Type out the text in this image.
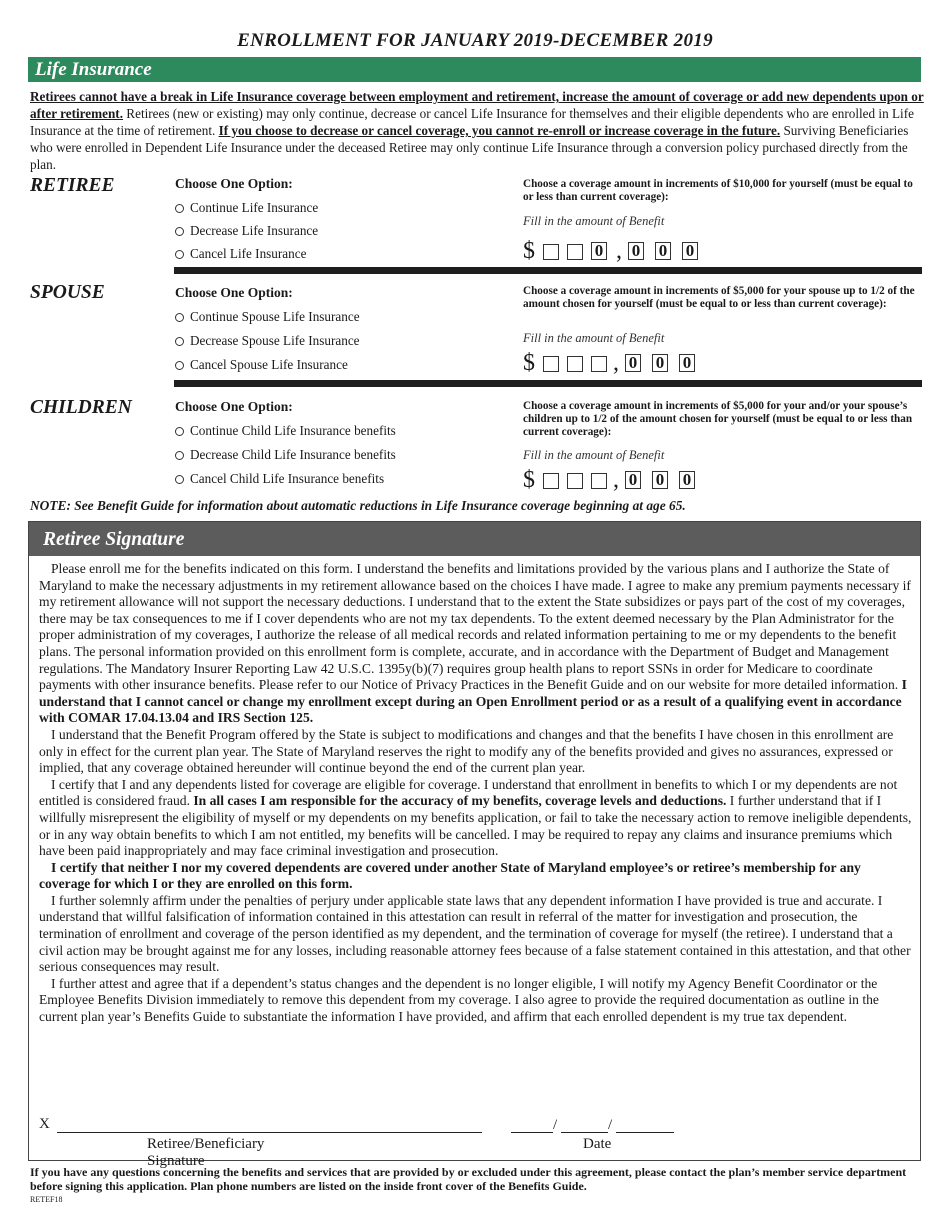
ENROLLMENT FOR JANUARY 2019-DECEMBER 2019
Life Insurance
Retirees cannot have a break in Life Insurance coverage between employment and retirement, increase the amount of coverage or add new dependents upon or after retirement. Retirees (new or existing) may only continue, decrease or cancel Life Insurance for themselves and their eligible dependents who are enrolled in Life Insurance at the time of retirement. If you choose to decrease or cancel coverage, you cannot re-enroll or increase coverage in the future. Surviving Beneficiaries who were enrolled in Dependent Life Insurance under the deceased Retiree may only continue Life Insurance through a conversion policy purchased directly from the plan.
RETIREE	Choose One Option:
Continue Life Insurance
Decrease Life Insurance
Cancel Life Insurance
Choose a coverage amount in increments of $10,000 for yourself (must be equal to or less than current coverage):
Fill in the amount of Benefit
$	0 , 0 0 0
SPOUSE	Choose One Option:
Continue Spouse Life Insurance
Decrease Spouse Life Insurance
Cancel Spouse Life Insurance
Choose a coverage amount in increments of $5,000 for your spouse up to 1/2 of the amount chosen for yourself (must be equal to or less than current coverage):
Fill in the amount of Benefit
$	, 0 0 0
CHILDREN	Choose One Option:
Continue Child Life Insurance benefits
Decrease Child Life Insurance benefits
Cancel Child Life Insurance benefits
Choose a coverage amount in increments of $5,000 for your and/or your spouse’s children up to 1/2 of the amount chosen for yourself (must be equal to or less than current coverage):
Fill in the amount of Benefit
$	, 0 0 0
NOTE: See Benefit Guide for information about automatic reductions in Life Insurance coverage beginning at age 65.
Retiree Signature

Please enroll me for the benefits indicated on this form. I understand the benefits and limitations provided by the various plans and I authorize the State of Maryland to make the necessary adjustments in my retirement allowance based on the choices I have made. I agree to make any premium payments necessary if my retirement allowance will not support the necessary deductions. I understand that to the extent the State subsidizes or pays part of the cost of my coverages, there may be tax consequences to me if I cover dependents who are not my tax dependents. To the extent deemed necessary by the Plan Administrator for the proper administration of my coverages, I authorize the release of all medical records and related information pertaining to me or my dependents to the benefit plans. The personal information provided on this enrollment form is complete, accurate, and in accordance with the Department of Budget and Management regulations. The Mandatory Insurer Reporting Law 42 U.S.C. 1395y(b)(7) requires group health plans to report SSNs in order for Medicare to coordinate payments with other insurance benefits. Please refer to our Notice of Privacy Practices in the Benefit Guide and on our website for more detailed information. I understand that I cannot cancel or change my enrollment except during an Open Enrollment period or as a result of a qualifying event in accordance with COMAR 17.04.13.04 and IRS Section 125.

I understand that the Benefit Program offered by the State is subject to modifications and changes and that the benefits I have chosen in this enrollment are only in effect for the current plan year. The State of Maryland reserves the right to modify any of the benefits provided and gives no assurances, expressed or implied, that any coverage obtained hereunder will continue beyond the end of the current plan year.

I certify that I and any dependents listed for coverage are eligible for coverage. I understand that enrollment in benefits to which I or my dependents are not entitled is considered fraud. In all cases I am responsible for the accuracy of my benefits, coverage levels and deductions. I further understand that if I willfully misrepresent the eligibility of myself or my dependents on my benefits application, or fail to take the necessary action to remove ineligible dependents, or in any way obtain benefits to which I am not entitled, my benefits will be cancelled. I may be required to repay any claims and insurance premiums which have been paid inappropriately and may face criminal investigation and prosecution.

I certify that neither I nor my covered dependents are covered under another State of Maryland employee’s or retiree’s membership for any coverage for which I or they are enrolled on this form.

I further solemnly affirm under the penalties of perjury under applicable state laws that any dependent information I have provided is true and accurate. I understand that willful falsification of information contained in this attestation can result in referral of the matter for investigation and prosecution, the termination of enrollment and coverage of the person identified as my dependent, and the termination of coverage for myself (the retiree). I understand that a civil action may be brought against me for any losses, including reasonable attorney fees because of a false statement contained in this attestation, and that other serious consequences may result.

I further attest and agree that if a dependent’s status changes and the dependent is no longer eligible, I will notify my Agency Benefit Coordinator or the Employee Benefits Division immediately to remove this dependent from my coverage. I also agree to provide the required documentation as outline in the current plan year’s Benefits Guide to substantiate the information I have provided, and affirm that each enrolled dependent is my true tax dependent.

X	/	/
Retiree/Beneficiary Signature
Date
If you have any questions concerning the benefits and services that are provided by or excluded under this agreement, please contact the plan’s member service department before signing this application. Plan phone numbers are listed on the inside front cover of the Benefits Guide.
RETEF18
